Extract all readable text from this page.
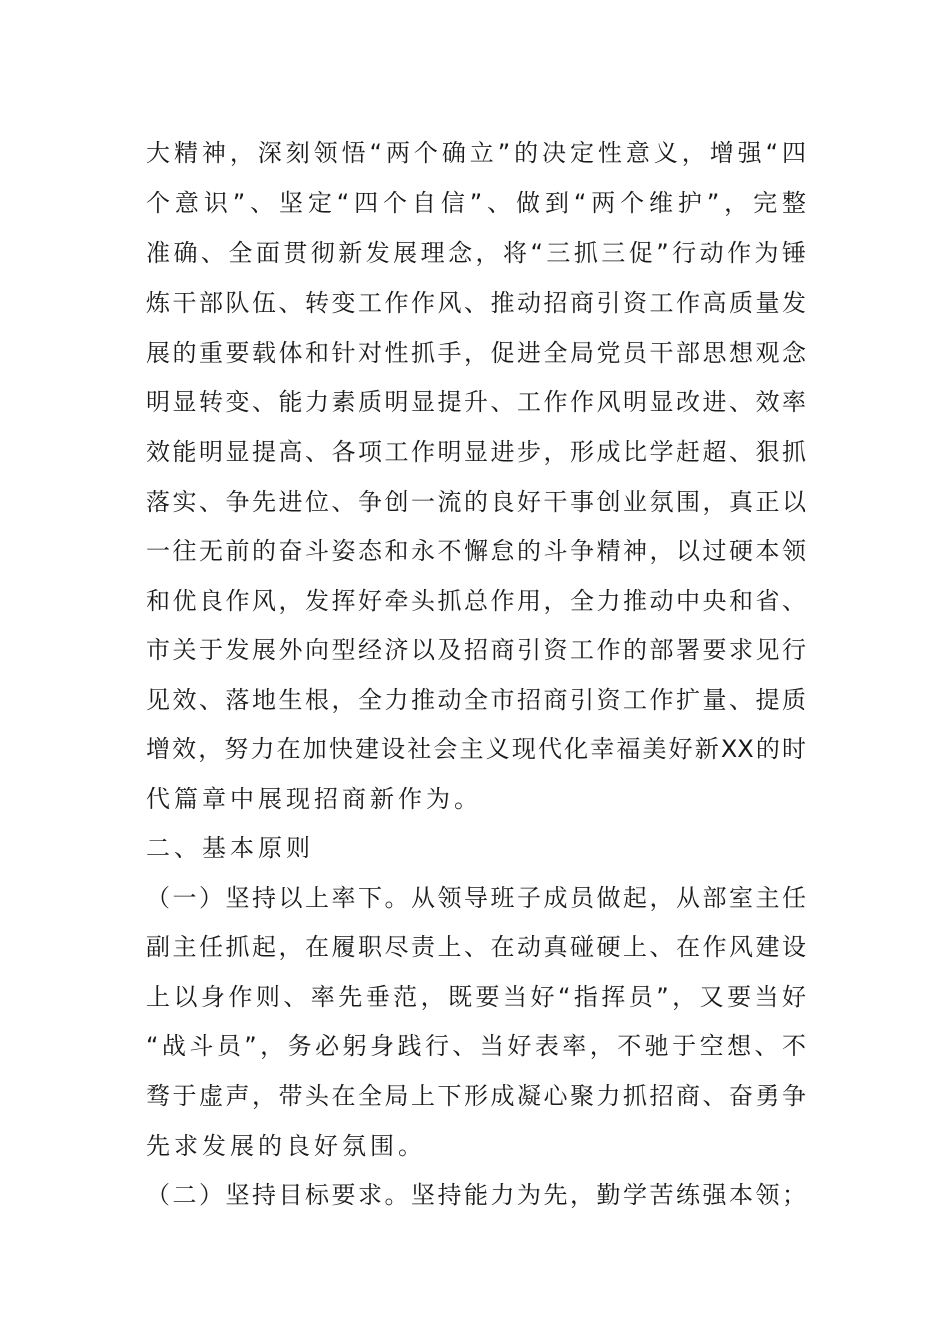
大精神，深刻领悟“两个确立”的决定性意义，增强“四
个意识”、坚定“四个自信”、做到“两个维护”，完整
准确、全面贯彻新发展理念，将“三抓三促”行动作为锤
炼干部队伍、转变工作作风、推动招商引资工作高质量发
展的重要载体和针对性抓手，促进全局党员干部思想观念
明显转变、能力素质明显提升、工作作风明显改进、效率
效能明显提高、各项工作明显进步，形成比学赶超、狠抓
落实、争先进位、争创一流的良好干事创业氛围，真正以
一往无前的奋斗姿态和永不懈怠的斗争精神，以过硬本领
和优良作风，发挥好牵头抓总作用，全力推动中央和省、
市关于发展外向型经济以及招商引资工作的部署要求见行
见效、落地生根，全力推动全市招商引资工作扩量、提质
增效，努力在加快建设社会主义现代化幸福美好新XX的时
代篇章中展现招商新作为。
二、基本原则
（一）坚持以上率下。从领导班子成员做起，从部室主任
副主任抓起，在履职尽责上、在动真碰硬上、在作风建设
上以身作则、率先垂范，既要当好“指挥员”，又要当好
“战斗员”，务必躬身践行、当好表率，不驰于空想、不
骛于虚声，带头在全局上下形成凝心聚力抓招商、奋勇争
先求发展的良好氛围。
（二）坚持目标要求。坚持能力为先，勤学苦练强本领；
